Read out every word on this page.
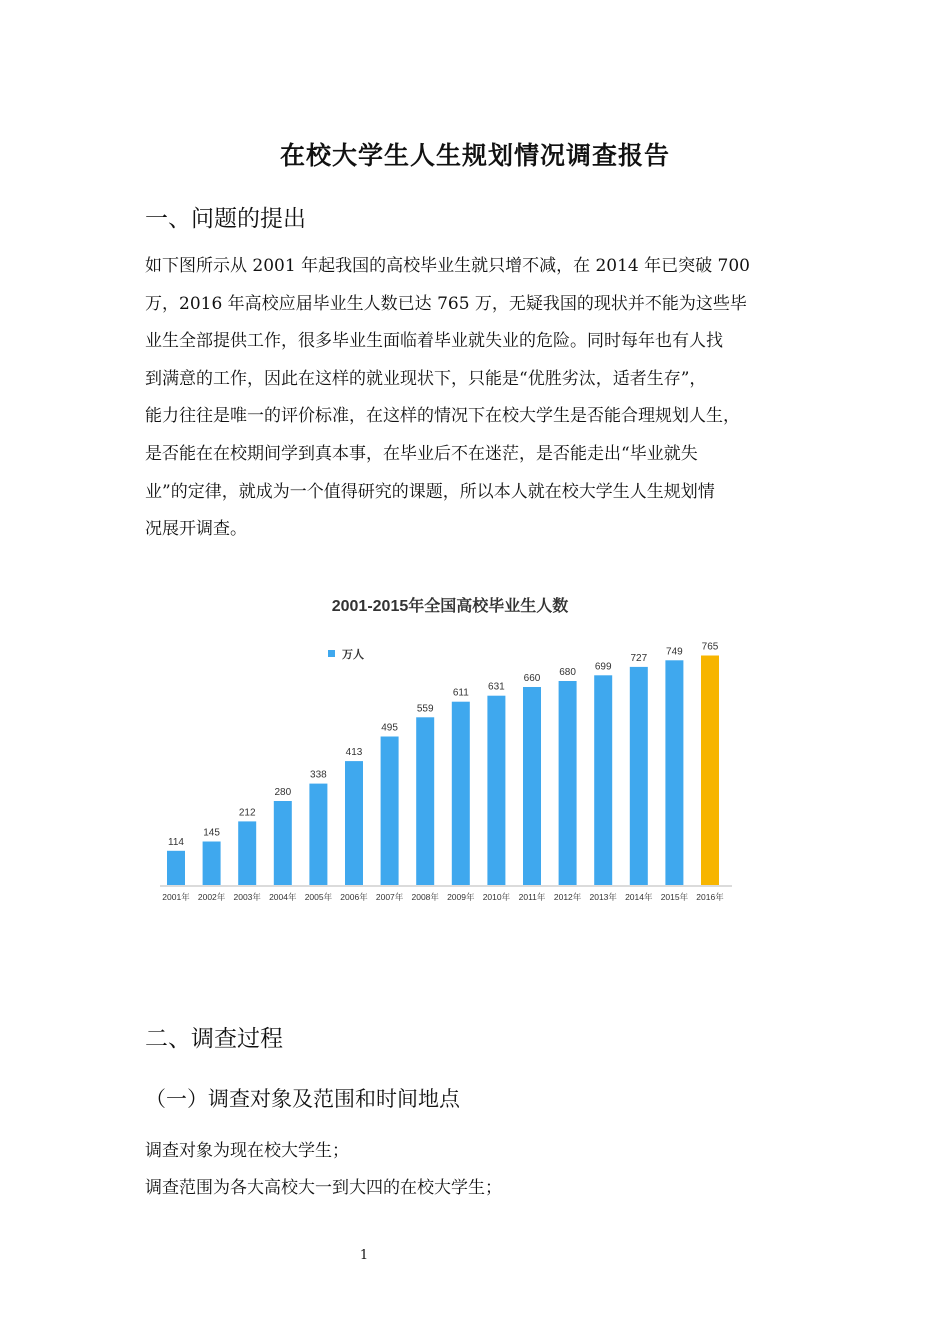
在校大学生人生规划情况调查报告
一、问题的提出
如下图所示从 2001 年起我国的高校毕业生就只增不减，在 2014 年已突破 700
万，2016 年高校应届毕业生人数已达 765 万，无疑我国的现状并不能为这些毕
业生全部提供工作，很多毕业生面临着毕业就失业的危险。同时每年也有人找
到满意的工作，因此在这样的就业现状下，只能是“优胜劣汰，适者生存”，
能力往往是唯一的评价标准，在这样的情况下在校大学生是否能合理规划人生，
是否能在在校期间学到真本事，在毕业后不在迷茫，是否能走出“毕业就失
业”的定律，就成为一个值得研究的课题，所以本人就在校大学生人生规划情
况展开调查。
2001-2015年全国高校毕业生人数
万人
114
2001年
145
2002年
212
2003年
280
2004年
338
2005年
413
2006年
495
2007年
559
2008年
611
2009年
631
2010年
660
2011年
680
2012年
699
2013年
727
2014年
749
2015年
765
2016年
二、调查过程
（一）调查对象及范围和时间地点
调查对象为现在校大学生；
调查范围为各大高校大一到大四的在校大学生；
1
